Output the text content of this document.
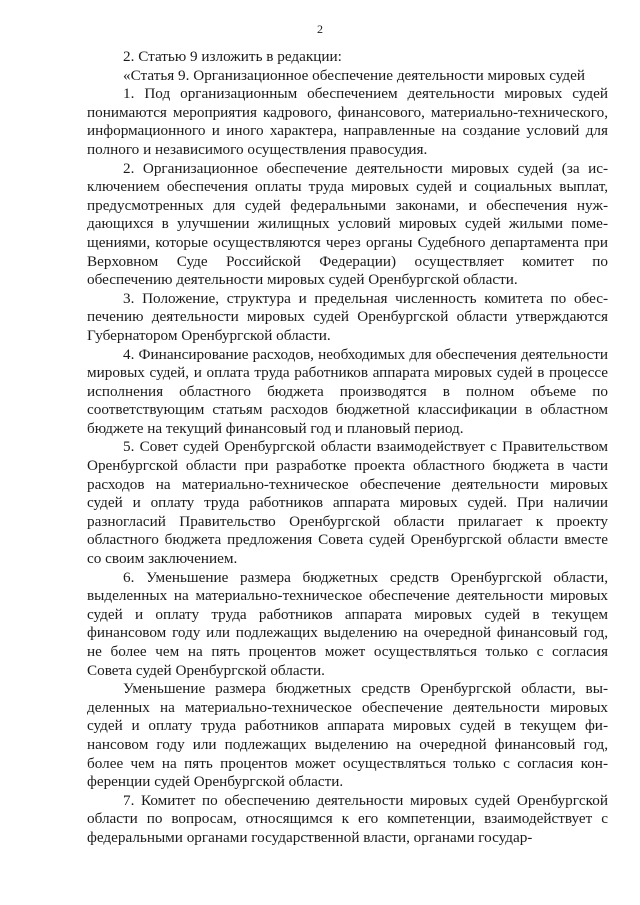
2

2. Статью 9 изложить в редакции:

«Статья 9. Организационное обеспечение деятельности мировых судей

1. Под организационным обеспечением деятельности мировых судей понимаются мероприятия кадрового, финансового, материально-технического, информационного и иного характера, направленные на создание условий для полного и независимого осуществления правосудия.

2. Организационное обеспечение деятельности мировых судей (за исключением обеспечения оплаты труда мировых судей и социальных выплат, предусмотренных для судей федеральными законами, и обеспечения нуждающихся в улучшении жилищных условий мировых судей жилыми помещениями, которые осуществляются через органы Судебного департамента при Верховном Суде Российской Федерации) осуществляет комитет по обеспечению деятельности мировых судей Оренбургской области.

3. Положение, структура и предельная численность комитета по обеспечению деятельности мировых судей Оренбургской области утверждаются Губернатором Оренбургской области.

4. Финансирование расходов, необходимых для обеспечения деятельности мировых судей, и оплата труда работников аппарата мировых судей в процессе исполнения областного бюджета производятся в полном объеме по соответствующим статьям расходов бюджетной классификации в областном бюджете на текущий финансовый год и плановый период.

5. Совет судей Оренбургской области взаимодействует с Правительством Оренбургской области при разработке проекта областного бюджета в части расходов на материально-техническое обеспечение деятельности мировых судей и оплату труда работников аппарата мировых судей. При наличии разногласий Правительство Оренбургской области прилагает к проекту областного бюджета предложения Совета судей Оренбургской области вместе со своим заключением.

6. Уменьшение размера бюджетных средств Оренбургской области, выделенных на материально-техническое обеспечение деятельности мировых судей и оплату труда работников аппарата мировых судей в текущем финансовом году или подлежащих выделению на очередной финансовый год, не более чем на пять процентов может осуществляться только с согласия Совета судей Оренбургской области.

Уменьшение размера бюджетных средств Оренбургской области, выделенных на материально-техническое обеспечение деятельности мировых судей и оплату труда работников аппарата мировых судей в текущем финансовом году или подлежащих выделению на очередной финансовый год, более чем на пять процентов может осуществляться только с согласия конференции судей Оренбургской области.

7. Комитет по обеспечению деятельности мировых судей Оренбургской области по вопросам, относящимся к его компетенции, взаимодействует с федеральными органами государственной власти, органами государ-
